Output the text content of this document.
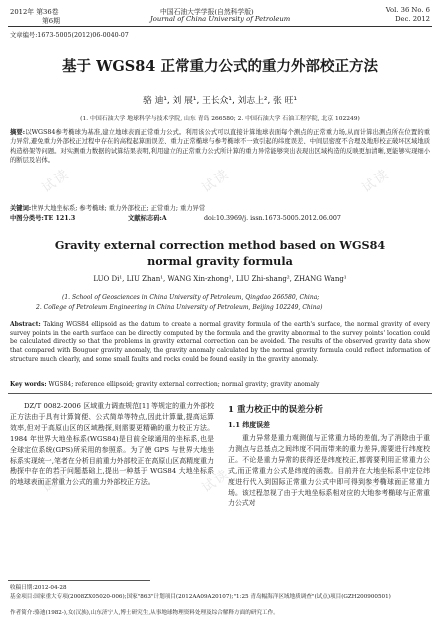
试读	试读	试读
试读	试读	试读
2012年 第36卷	中国石油大学学报(自然科学版)	Vol. 36 No. 6
第6期	Journal of China University of Petroleum	Dec. 2012
文章编号:1673-5005(2012)06-0040-07
基于 WGS84 正常重力公式的重力外部校正方法
骆 迪¹, 刘 展¹, 王长众¹, 刘志上², 张 旺¹
(1. 中国石油大学 地球科学与技术学院, 山东 青岛 266580; 2. 中国石油大学 石油工程学院, 北京 102249)
摘要:以WGS84参考椭球为基准,建立地球表面正常重力公式。利用该公式可以直接计算地球表面每个测点的正常重力场,从而计算出测点所在位置的重力异常,避免重力外部校正过程中存在的高程起算面误差、重力正常椭球与参考椭球不一致引起的纬度误差、中间层密度不合理及地形校正破坏区域地质构造格架等问题。对实测重力数据的试算结果表明,利用建立的正常重力公式所计算的重力异常能够突出表现出区域构造的反映更加清晰,更能够实现细小的断层及岩体。
关键词:世界大地坐标系; 参考椭球; 重力外部校正; 正常重力; 重力异常
中图分类号:TE 121.3	文献标志码:A	doi:10.3969/j. issn.1673-5005.2012.06.007
Gravity external correction method based on WGS84
normal gravity formula
LUO Di¹, LIU Zhan¹, WANG Xin-zhong¹, LIU Zhi-shang², ZHANG Wang¹
(1. School of Geosciences in China University of Petroleum, Qingdao 266580, China;
2. College of Petroleum Engineering in China University of Petroleum, Beijing 102249, China)
Abstract: Taking WGS84 ellipsoid as the datum to create a normal gravity formula of the earth's surface, the normal gravity of every survey points in the earth surface can be directly computed by the formula and the gravity abnormal to the survey points' location could be calculated directly so that the problems in gravity external correction can be avoided. The results of the observed gravity data show that compared with Bouguer gravity anomaly, the gravity anomaly calculated by the normal gravity formula could reflect information of structure much clearly, and some small faults and rocks could be found easily in the gravity anomaly.
Key words: WGS84; reference ellipsoid; gravity external correction; normal gravity; gravity anomaly
DZ/T 0082-2006 区域重力调查规范[1] 等规定的重力外部校正方法由于具有计算简便、公式简单等特点,因此计算量,提高运算效率,但对于高原山区的区域勘探,则需要更精确的重力校正方法。1984 年世界大地坐标系(WGS84)是目前全球通用的坐标系,也是全球定位系统(GPS)所采用的参照系。为了使 GPS 与世界大地坐标系实现统一,笔者在分析目前重力外部校正在高原山区高精度重力勘探中存在的若干问题基础上,提出一种基于 WGS84 大地坐标系的地球表面正常重力公式的重力外部校正方法。
1 重力校正中的误差分析
1.1 纬度误差
重力异常是重力观测值与正常重力场的差值,为了消除由于重力测点与总基点之间纬度不同而带来的重力差异,需要进行纬度校正。不论是重力异常的获得还是纬度校正,都需要利用正常重力公式,而正常重力公式是纬度的函数。目前并在大地坐标系中定位纬度进行代入到国际正常重力公式中即可得到参考椭球面正常重力场。该过程忽视了由于大地坐标系相对应的大地参考椭球与正常重力公式对
收稿日期:2012-04-28
基金项目:国家重大专项(2008ZX05020-006);国家"863"计划项目(2012AA09A20107);"1:25 青岛幅海洋区域地质调查"(试点)项目(GZH200900501)
作者简介:骆迪(1982-),女(汉族),山东济宁人,博士研究生,从事地球物理资料处理及综合解释方面的研究工作。
